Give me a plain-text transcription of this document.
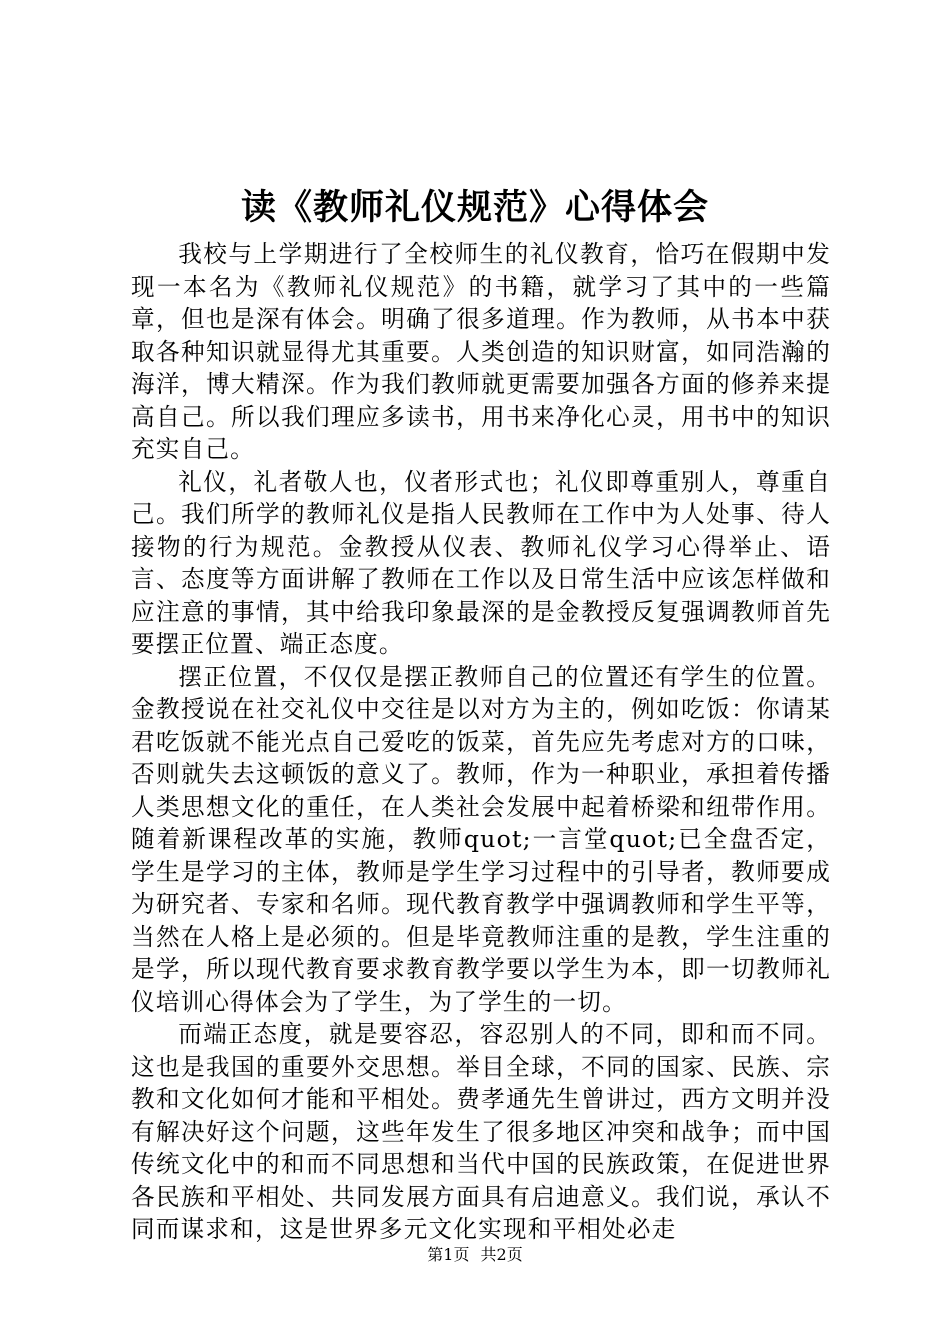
读《教师礼仪规范》心得体会

我校与上学期进行了全校师生的礼仪教育，恰巧在假期中发现一本名为《教师礼仪规范》的书籍，就学习了其中的一些篇章，但也是深有体会。明确了很多道理。作为教师，从书本中获取各种知识就显得尤其重要。人类创造的知识财富，如同浩瀚的海洋，博大精深。作为我们教师就更需要加强各方面的修养来提高自己。所以我们理应多读书，用书来净化心灵，用书中的知识充实自己。

礼仪，礼者敬人也，仪者形式也；礼仪即尊重别人，尊重自己。我们所学的教师礼仪是指人民教师在工作中为人处事、待人接物的行为规范。金教授从仪表、教师礼仪学习心得举止、语言、态度等方面讲解了教师在工作以及日常生活中应该怎样做和应注意的事情，其中给我印象最深的是金教授反复强调教师首先要摆正位置、端正态度。

摆正位置，不仅仅是摆正教师自己的位置还有学生的位置。金教授说在社交礼仪中交往是以对方为主的，例如吃饭：你请某君吃饭就不能光点自己爱吃的饭菜，首先应先考虑对方的口味，否则就失去这顿饭的意义了。教师，作为一种职业，承担着传播人类思想文化的重任，在人类社会发展中起着桥梁和纽带作用。随着新课程改革的实施，教师quot;一言堂quot;已全盘否定，学生是学习的主体，教师是学生学习过程中的引导者，教师要成为研究者、专家和名师。现代教育教学中强调教师和学生平等，当然在人格上是必须的。但是毕竟教师注重的是教，学生注重的是学，所以现代教育要求教育教学要以学生为本，即一切教师礼仪培训心得体会为了学生，为了学生的一切。

而端正态度，就是要容忍，容忍别人的不同，即和而不同。这也是我国的重要外交思想。举目全球，不同的国家、民族、宗教和文化如何才能和平相处。费孝通先生曾讲过，西方文明并没有解决好这个问题，这些年发生了很多地区冲突和战争；而中国传统文化中的和而不同思想和当代中国的民族政策，在促进世界各民族和平相处、共同发展方面具有启迪意义。我们说，承认不同而谋求和，这是世界多元文化实现和平相处必走

第1页 共2页
